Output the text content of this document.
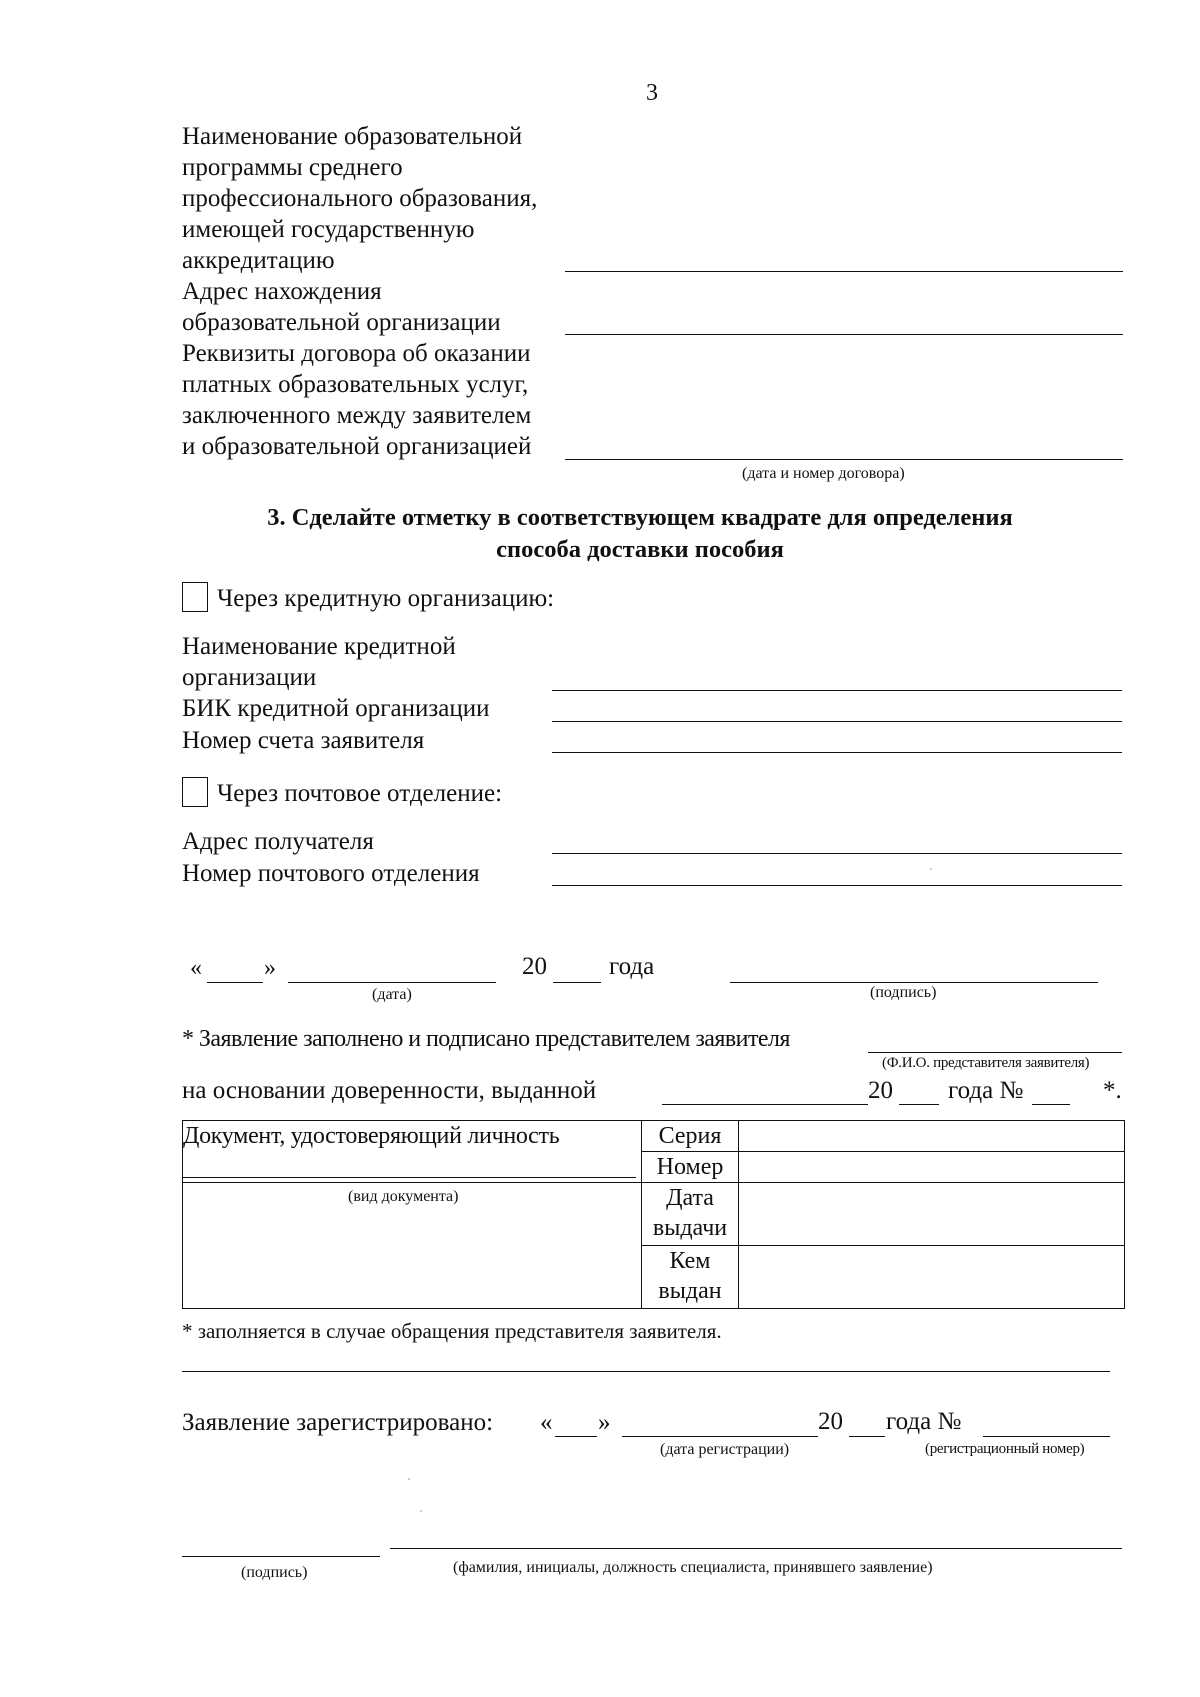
3
Наименование образовательной
программы среднего
профессионального образования,
имеющей государственную
аккредитацию
Адрес нахождения
образовательной организации
Реквизиты договора об оказании
платных образовательных услуг,
заключенного между заявителем
и образовательной организацией
(дата и номер договора)
3. Сделайте отметку в соответствующем квадрате для определения
способа доставки пособия
Через кредитную организацию:
Наименование кредитной
организации
БИК кредитной организации
Номер счета заявителя
Через почтовое отделение:
Адрес получателя
Номер почтового отделения
«	»	20 года
(дата)	(подпись)
* Заявление заполнено и подписано представителем заявителя
(Ф.И.О. представителя заявителя)
на основании доверенности, выданной	20 года №	*.
Документ, удостоверяющий личность	Серия	

	Номер	

(вид документа)	Дата
выдачи	

	Кем
выдан	

* заполняется в случае обращения представителя заявителя.
Заявление зарегистрировано: « »	20 года №
(дата регистрации)	(регистрационный номер)
(подпись)	(фамилия, инициалы, должность специалиста, принявшего заявление)
